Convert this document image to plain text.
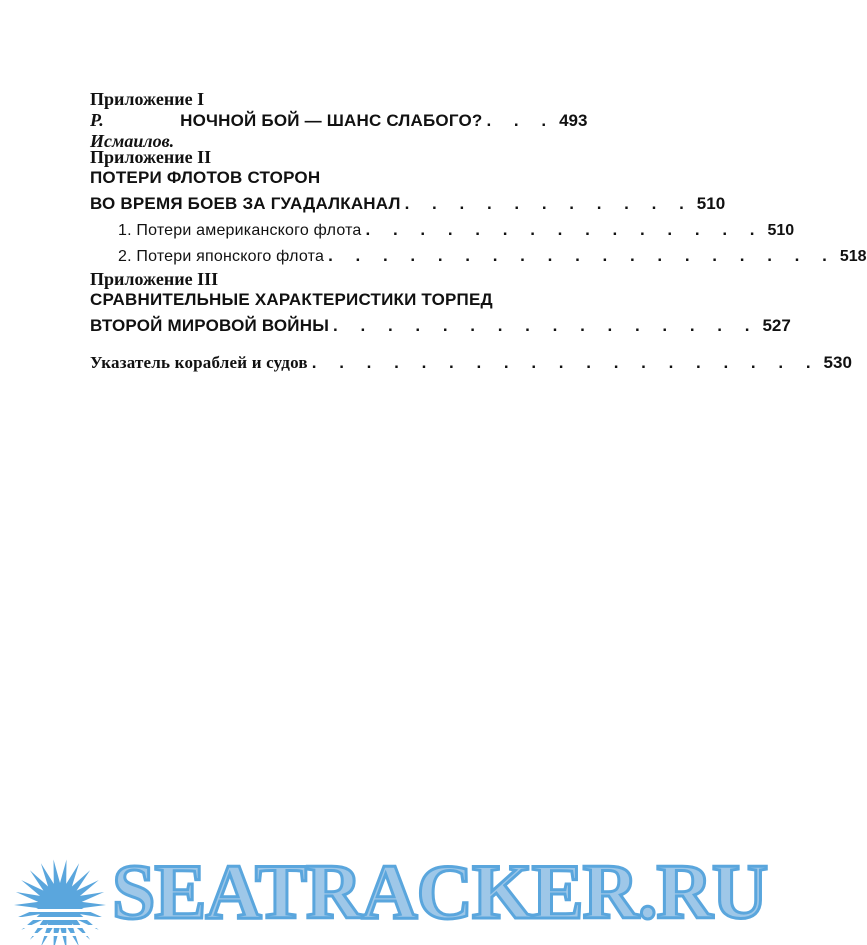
Приложение I
Р. Исмаилов.
НОЧНОЙ БОЙ — ШАНС СЛАБОГО? . . . 493
Приложение II
ПОТЕРИ ФЛОТОВ СТОРОН
ВО ВРЕМЯ БОЕВ ЗА ГУАДАЛКАНАЛ . . . . . . . . . . . 510
1. Потери американского флота . . . . . . . . . . . . . . . 510
2. Потери японского флота . . . . . . . . . . . . . . . . . . . 518
Приложение III
СРАВНИТЕЛЬНЫЕ ХАРАКТЕРИСТИКИ ТОРПЕД
ВТОРОЙ МИРОВОЙ ВОЙНЫ . . . . . . . . . . . . . . . . 527
Указатель кораблей и судов . . . . . . . . . . . . . . . . . . . 530
SEATRACKER.RU
